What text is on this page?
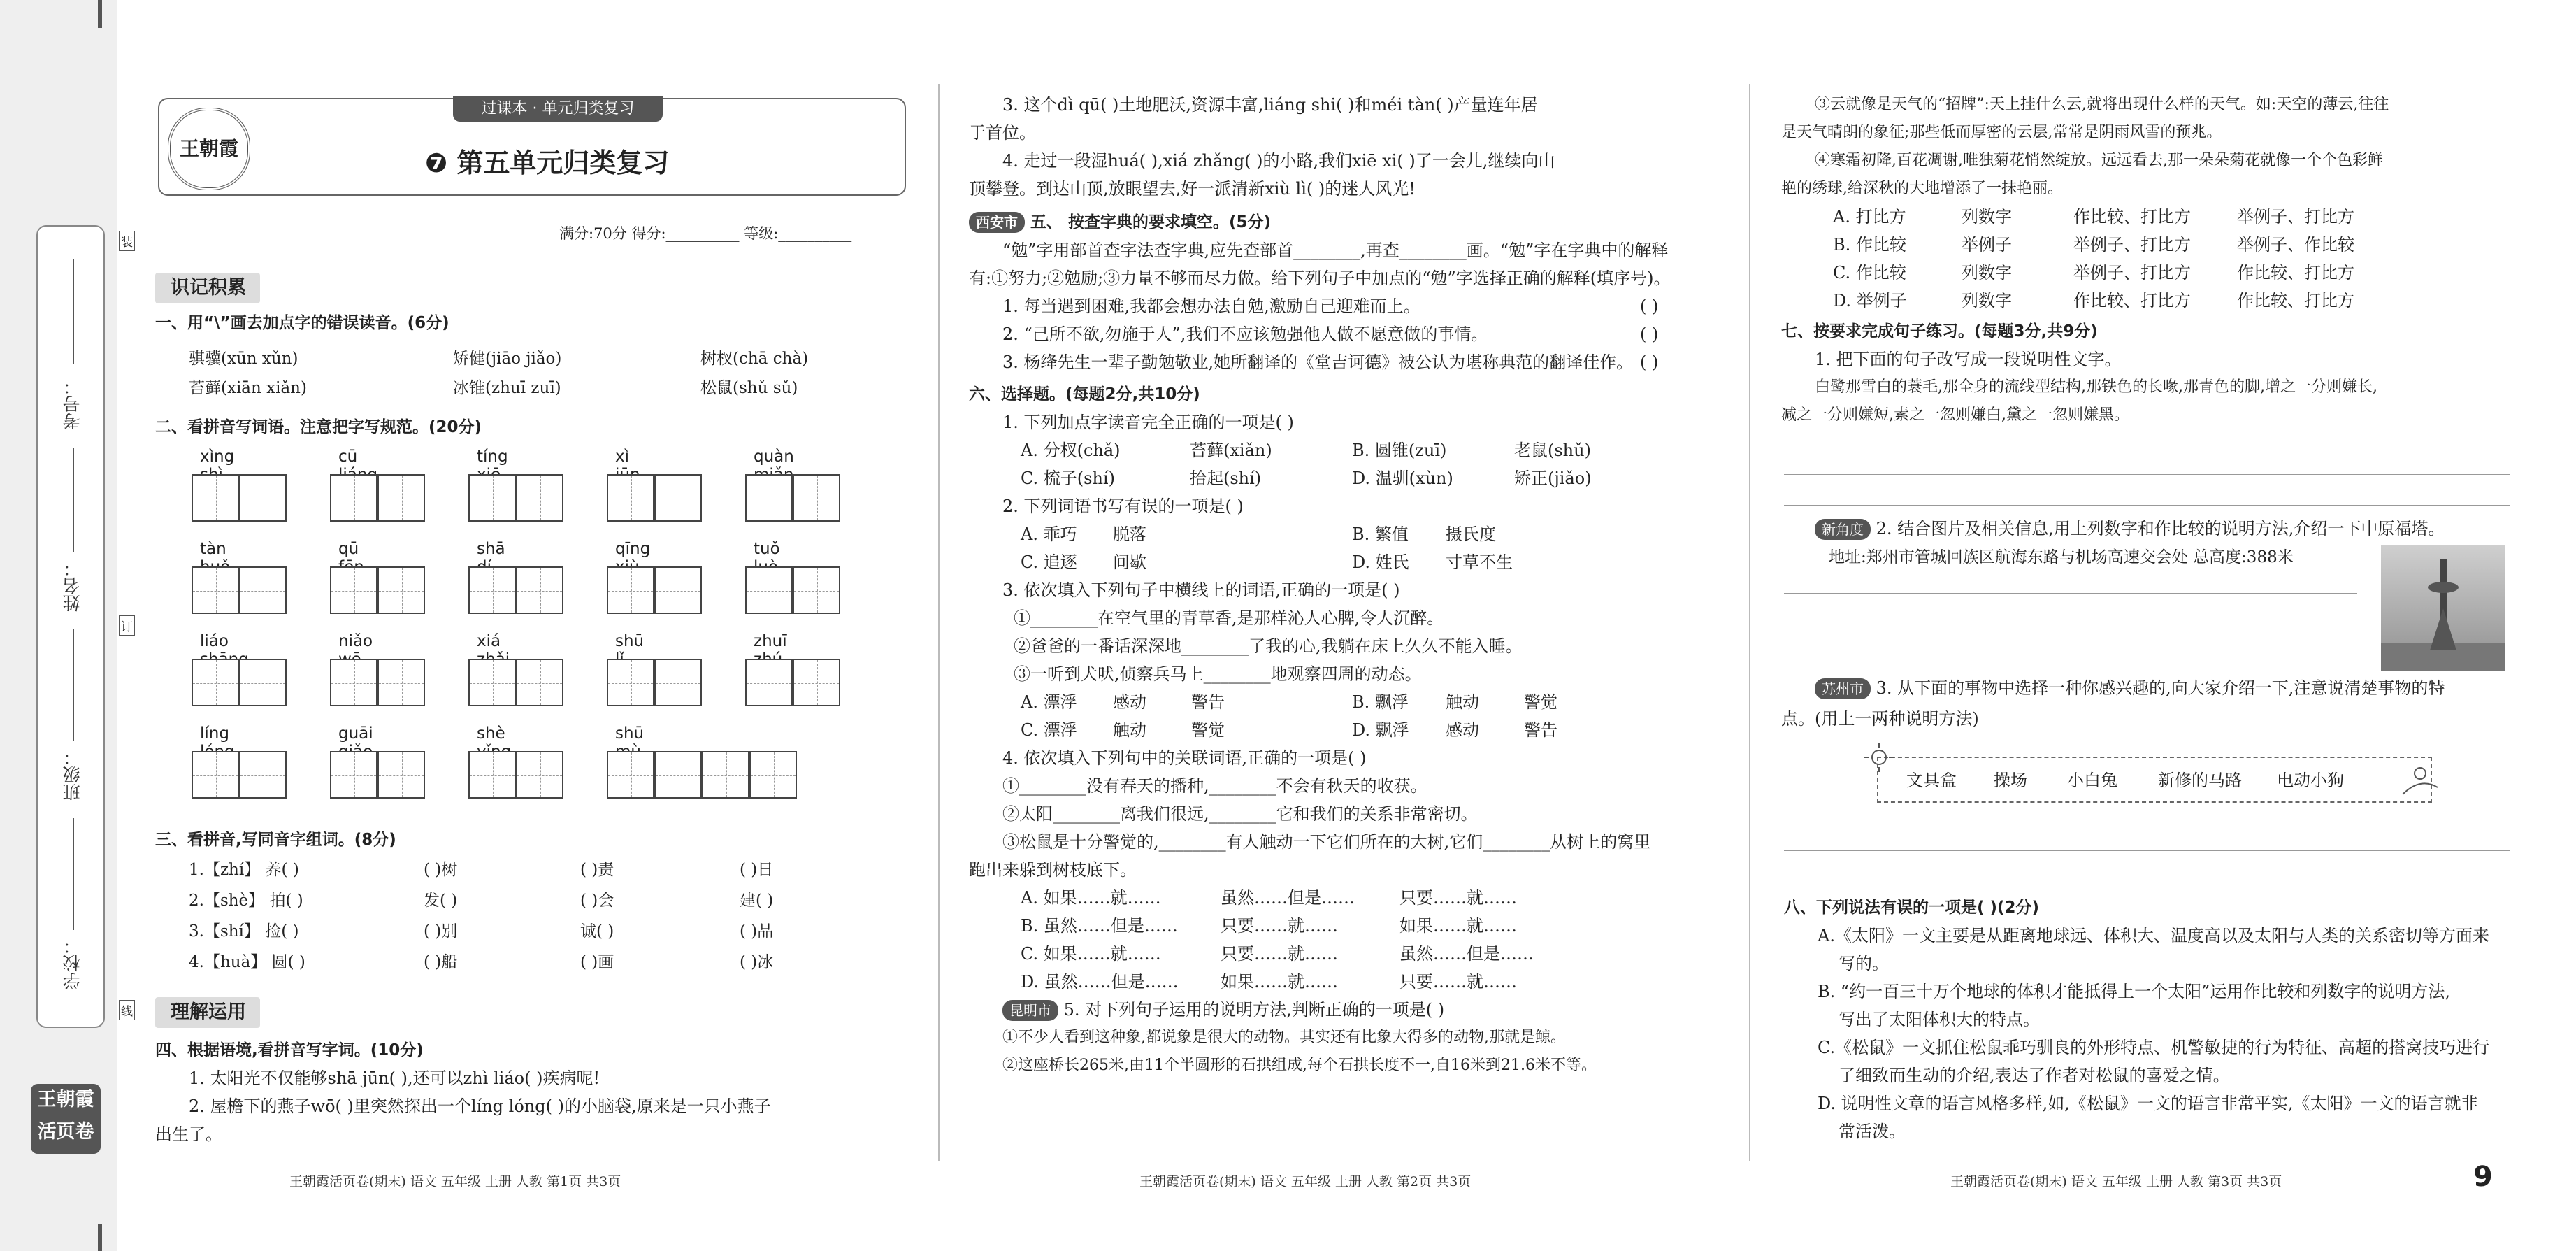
考号：
姓名：
班级：
学校：
装
订
线
王朝霞
活页卷
王朝霞
过课本 · 单元归类复习
❼ 第五单元归类复习
满分:70分 得分:__________ 等级:__________
识记积累

一、用“\”画去加点字的错误读音。(6分)

骐骥(xūn xǔn)	矫健(jiāo jiǎo)	树杈(chā chà)
苔藓(xiān xiǎn)	冰锥(zhuī zuī)	松鼠(shǔ sǔ)

二、看拼音写词语。注意把字写规范。(20分)

xìng	cū	tíng	xì	quàn
tàn	qū	shā	qīng	tuǒ
liáo	niǎo	xiá	shū	zhuī
líng	guāi	shè	shū

三、看拼音,写同音字组词。(8分)

1.【zhí】 养( )	( )树	( )责	( )日
2.【shè】 拍( )	发( )	( )会	建( )
3.【shí】 捡( )	( )别	诚( )	( )品
4.【huà】 圆( )	( )船	( )画	( )冰
理解运用

四、根据语境,看拼音写字词。(10分)

1. 太阳光不仅能够shā jūn( ),还可以zhì liáo( )疾病呢!

2. 屋檐下的燕子wō( )里突然探出一个líng lóng( )的小脑袋,原来是一只小燕子

出生了。

王朝霞活页卷(期末) 语文 五年级 上册 人教 第1页 共3页

3. 这个dì qū( )土地肥沃,资源丰富,liáng shi( )和méi tàn( )产量连年居

于首位。

4. 走过一段湿huá( ),xiá zhǎng( )的小路,我们xiē xi( )了一会儿,继续向山

顶攀登。到达山顶,放眼望去,好一派清新xiù lì( )的迷人风光!

西安市 五、 按查字典的要求填空。(5分)

“勉”字用部首查字法查字典,应先查部首________,再查________画。“勉”字在字典中的解释

有:①努力;②勉励;③力量不够而尽力做。给下列句子中加点的“勉”字选择正确的解释(填序号)。

1. 每当遇到困难,我都会想办法自勉,激励自己迎难而上。	( )

2. “己所不欲,勿施于人”,我们不应该勉强他人做不愿意做的事情。	( )

3. 杨绛先生一辈子勤勉敬业,她所翻译的《堂吉诃德》被公认为堪称典范的翻译佳作。 ( )

六、选择题。(每题2分,共10分)

1. 下列加点字读音完全正确的一项是( )

A. 分杈(chǎ)	苔藓(xiǎn)	B. 圆锥(zuī)	老鼠(shǔ)
C. 梳子(shí)	拾起(shí)	D. 温驯(xùn)	矫正(jiǎo)

2. 下列词语书写有误的一项是( )

A. 乖巧 脱落	B. 繁值 摄氏度
C. 追逐 间歇	D. 姓氏 寸草不生

3. 依次填入下列句子中横线上的词语,正确的一项是( )

①________在空气里的青草香,是那样沁人心脾,令人沉醉。

②爸爸的一番话深深地________了我的心,我躺在床上久久不能入睡。

③一听到犬吠,侦察兵马上________地观察四周的动态。

A. 漂浮 感动	警告	B. 飘浮 触动	警觉
C. 漂浮 触动	警觉	D. 飘浮 感动	警告

4. 依次填入下列句中的关联词语,正确的一项是( )

①________没有春天的播种,________不会有秋天的收获。

②太阳________离我们很远,________它和我们的关系非常密切。

③松鼠是十分警觉的,________有人触动一下它们所在的大树,它们________从树上的窝里

跑出来躲到树枝底下。

A. 如果……就……	虽然……但是……	只要……就……
B. 虽然……但是……	只要……就……	如果……就……
C. 如果……就……	只要……就……	虽然……但是……
D. 虽然……但是……	如果……就……	只要……就……

昆明市 5. 对下列句子运用的说明方法,判断正确的一项是( )

①不少人看到这种象,都说象是很大的动物。其实还有比象大得多的动物,那就是鲸。

②这座桥长265米,由11个半圆形的石拱组成,每个石拱长度不一,自16米到21.6米不等。

王朝霞活页卷(期末) 语文 五年级 上册 人教 第2页 共3页

③云就像是天气的“招牌”:天上挂什么云,就将出现什么样的天气。如:天空的薄云,往往

是天气晴朗的象征;那些低而厚密的云层,常常是阴雨风雪的预兆。

④寒霜初降,百花凋谢,唯独菊花悄然绽放。远远看去,那一朵朵菊花就像一个个色彩鲜

艳的绣球,给深秋的大地增添了一抹艳丽。

A. 打比方	列数字	作比较、打比方	举例子、打比方
B. 作比较	举例子	举例子、打比方	举例子、作比较
C. 作比较	列数字	举例子、打比方	作比较、打比方
D. 举例子	列数字	作比较、打比方	作比较、打比方

七、按要求完成句子练习。(每题3分,共9分)

1. 把下面的句子改写成一段说明性文字。

白鹭那雪白的蓑毛,那全身的流线型结构,那铁色的长喙,那青色的脚,增之一分则嫌长,

减之一分则嫌短,素之一忽则嫌白,黛之一忽则嫌黑。

新角度 2. 结合图片及相关信息,用上列数字和作比较的说明方法,介绍一下中原福塔。
地址:郑州市管城回族区航海东路与机场高速交会处 总高度:388米
苏州市 3. 从下面的事物中选择一种你感兴趣的,向大家介绍一下,注意说清楚事物的特
点。(用上一两种说明方法)
文具盒 操场 小白兔 新修的马路 电动小狗

八、下列说法有误的一项是( )(2分)

A.《太阳》一文主要是从距离地球远、体积大、温度高以及太阳与人类的关系密切等方面来

写的。

B. “约一百三十万个地球的体积才能抵得上一个太阳”运用作比较和列数字的说明方法,

写出了太阳体积大的特点。

C.《松鼠》一文抓住松鼠乖巧驯良的外形特点、机警敏捷的行为特征、高超的搭窝技巧进行

了细致而生动的介绍,表达了作者对松鼠的喜爱之情。

D. 说明性文章的语言风格多样,如,《松鼠》一文的语言非常平实,《太阳》一文的语言就非

常活泼。

王朝霞活页卷(期末) 语文 五年级 上册 人教 第3页 共3页	9
